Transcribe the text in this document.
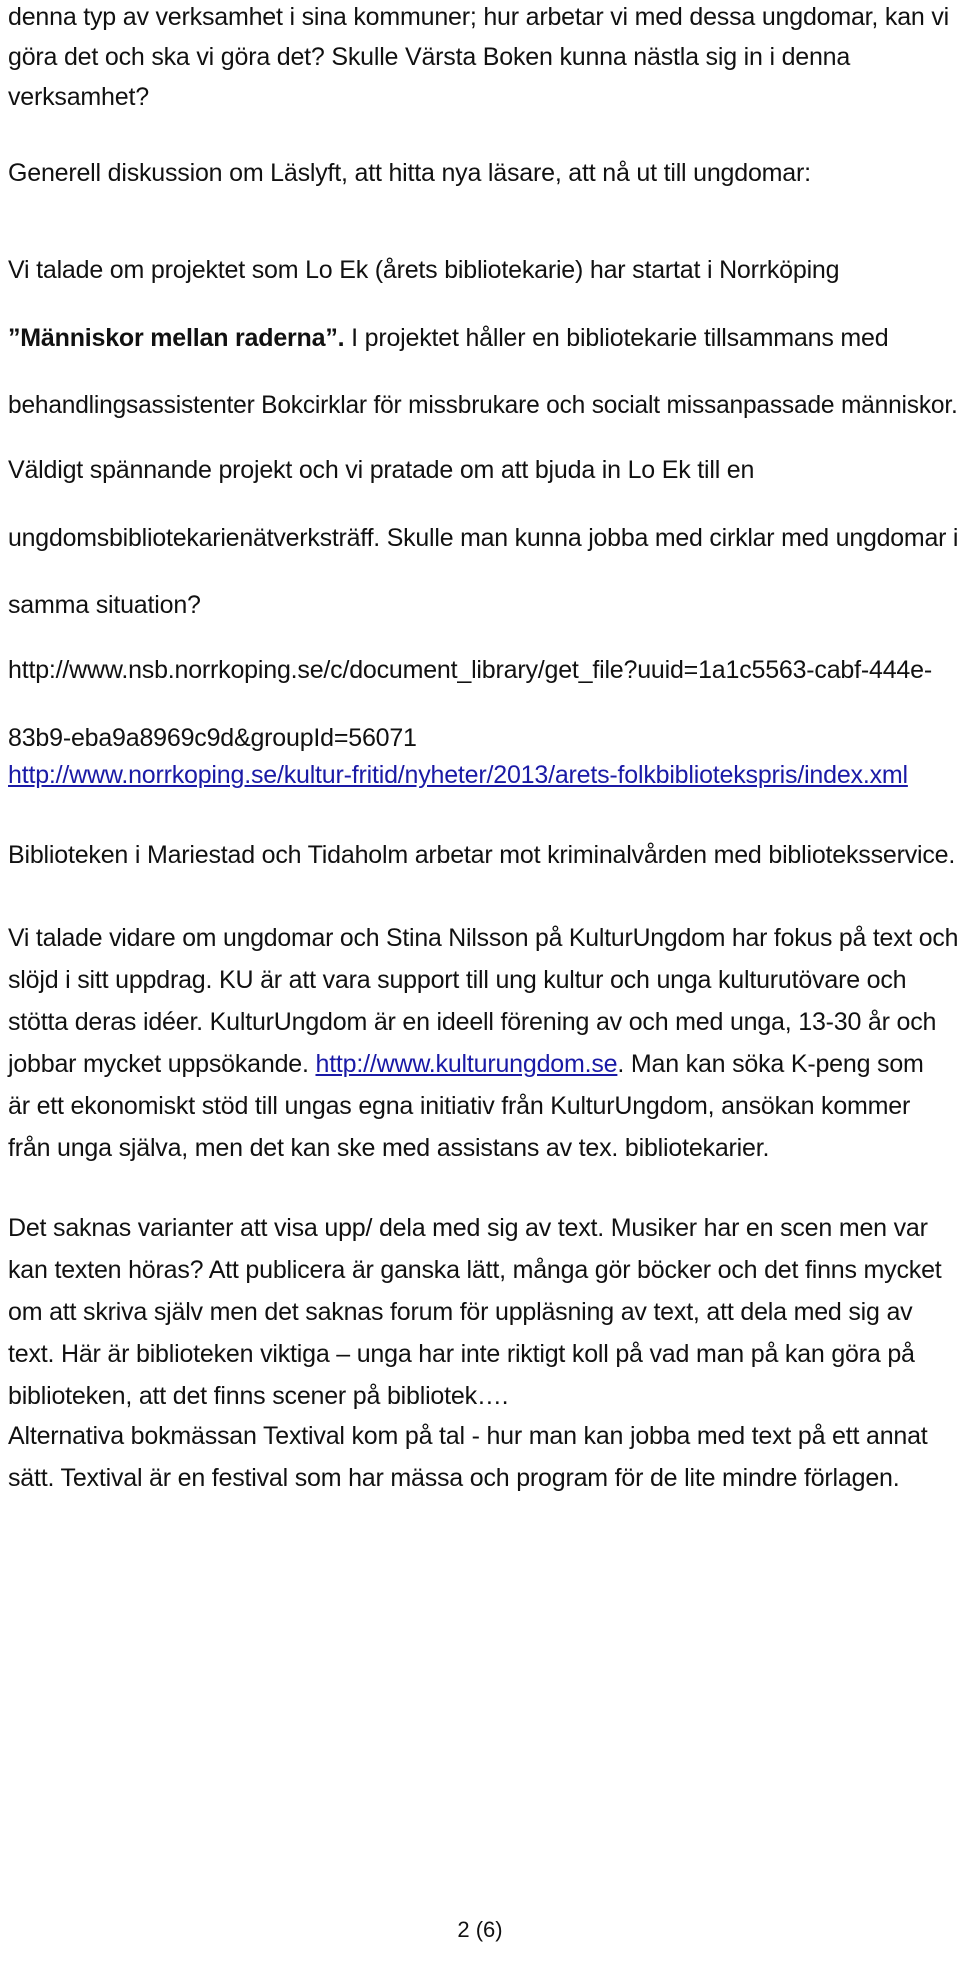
denna typ av verksamhet i sina kommuner; hur arbetar vi med dessa ungdomar, kan vi
göra det och ska vi göra det? Skulle Värsta Boken kunna nästla sig in i denna
verksamhet?
Generell diskussion om Läslyft, att hitta nya läsare, att nå ut till ungdomar:
Vi talade om projektet som Lo Ek (årets bibliotekarie) har startat i Norrköping
”Människor mellan raderna”. I projektet håller en bibliotekarie tillsammans med
behandlingsassistenter Bokcirklar för missbrukare och socialt missanpassade människor.
Väldigt spännande projekt och vi pratade om att bjuda in Lo Ek till en
ungdomsbibliotekarienätverksträff. Skulle man kunna jobba med cirklar med ungdomar i
samma situation?
http://www.nsb.norrkoping.se/c/document_library/get_file?uuid=1a1c5563-cabf-444e-
83b9-eba9a8969c9d&groupId=56071
http://www.norrkoping.se/kultur-fritid/nyheter/2013/arets-folkbibliotekspris/index.xml
Biblioteken i Mariestad och Tidaholm arbetar mot kriminalvården med biblioteksservice.
Vi talade vidare om ungdomar och Stina Nilsson på KulturUngdom har fokus på text och
slöjd i sitt uppdrag. KU är att vara support till ung kultur och unga kulturutövare och
stötta deras idéer. KulturUngdom är en ideell förening av och med unga, 13-30 år och
jobbar mycket uppsökande. http://www.kulturungdom.se. Man kan söka K-peng som
är ett ekonomiskt stöd till ungas egna initiativ från KulturUngdom, ansökan kommer
från unga själva, men det kan ske med assistans av tex. bibliotekarier.
Det saknas varianter att visa upp/ dela med sig av text. Musiker har en scen men var
kan texten höras? Att publicera är ganska lätt, många gör böcker och det finns mycket
om att skriva själv men det saknas forum för uppläsning av text, att dela med sig av
text. Här är biblioteken viktiga – unga har inte riktigt koll på vad man på kan göra på
biblioteken, att det finns scener på bibliotek….
Alternativa bokmässan Textival kom på tal - hur man kan jobba med text på ett annat
sätt. Textival är en festival som har mässa och program för de lite mindre förlagen.
2 (6)
